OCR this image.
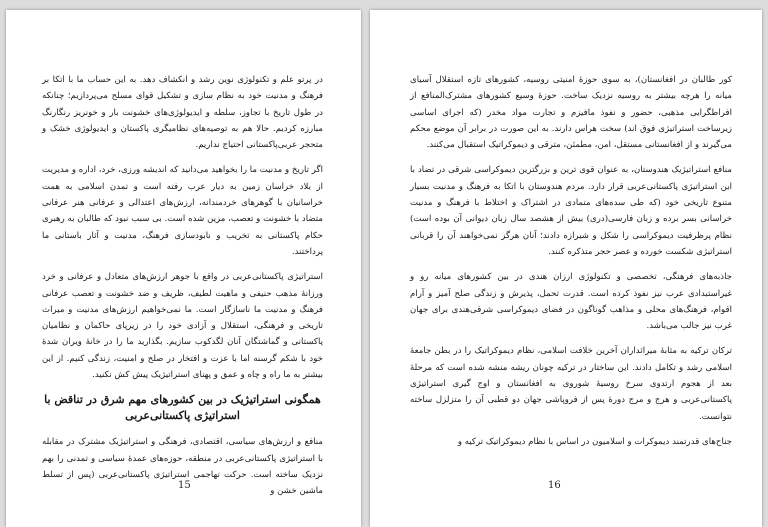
در پرتو علم و تکنولوژی نوین رشد و انکشاف دهد. به این حساب ما با اتکا بر فرهنگ و مدنیت خود به نظام سازی و تشکیل قوای مسلح می‌پردازیم؛ چنانکه در طول تاریخ با تجاوز، سلطه و ایدیولوژی‌های خشونت بار و خونریز رنگارنگ مبارزه کردیم. حالا هم به توصیه‌های نظامیگری پاکستان و ایدیولوژی خشک و متحجر عربی‌پاکستانی احتیاج نداریم.

اگر تاریخ و مدنیت ما را بخواهید می‌دانید که اندیشه ورزی، خرد، اداره و مدیریت از بلاد خراسان زمین به دیار عرب رفته است و تمدن اسلامی به همت خراسانیان با گوهرهای خردمندانه، ارزش‌های اعتدالی و عرفانی هنر عرفانی متضاد با خشونت و تعصب، مزین شده است. بی سبب نبود که طالبان به رهبری حکام پاکستانی به تخریب و نابودسازی فرهنگ، مدنیت و آثار باستانی ما پرداختند.

استراتیژی پاکستانی‌عربی در واقع با جوهر ارزش‌های متعادل و عرفانی و خرد ورزانهٔ مذهب حنیفی و ماهیت لطیف، ظریف و ضد خشونت و تعصب عرفانی فرهنگ و مدنیت ما ناسازگار است. ما نمی‌خواهیم ارزش‌های مدنیت و میراث تاریخی و فرهنگی، استقلال و آزادی خود را در زیرپای حاکمان و نظامیان پاکستانی و گماشتگان آنان لگدکوب سازیم. بگذارید ما را در خانهٔ ویران شدهٔ خود با شکم گرسنه اما با عزت و افتخار در صلح و امنیت، زندگی کنیم. از این بیشتر به ما راه و چاه و عمق و پهنای استراتیژیک پیش کش نکنید.

همگونی استراتیژیک در بین کشورهای مهم شرق در تناقض با استراتیژی پاکستانی‌عربی

منافع و ارزش‌های سیاسی، اقتصادی، فرهنگی و استراتیژیک مشترک در مقابله با استراتیژی پاکستانی‌عربی در منطقه، حوزه‌های عمدهٔ سیاسی و تمدنی را بهم نزدیک ساخته است. حرکت تهاجمی استراتیژی پاکستانی‌عربی (پس از تسلط ماشین خشن و

15

کور طالبان در افغانستان)، به سوی حوزهٔ امنیتی روسیه، کشورهای تازه استقلال آسیای میانه را هرچه بیشتر به روسیه نزدیک ساخت. حوزهٔ وسیع کشورهای مشترک‌المنافع از افراطگرایی مذهبی، حضور و نفوذ مافیزم و تجارت مواد مخدر (که اجرای اساسی زیرساخت استراتیژی فوق اند) سخت هراس دارند. به این صورت در برابر آن موضع محکم می‌گیرند و از افغانستانی مستقل، امن، مطمئن، مترقی و دیموکراتیک استقبال می‌کنند.

منافع استراتیژیک هندوستان، به عنوان قوی ترین و بزرگترین دیموکراسی شرقی در تضاد با این استراتیژی پاکستانی‌عربی قرار دارد. مردم هندوستان با اتکا به فرهنگ و مدنیت بسیار متنوع تاریخی خود (که طی سده‌های متمادی در اشتراک و اختلاط با فرهنگ و مدنیت خراسانی بسر برده و زبان فارسی(دری) بیش از هشصد سال زبان دیوانی آن بوده است) نظام پرظرفیت دیموکراسی را شکل و شیرازه دادند؛ آنان هرگز نمی‌خواهند آن را قربانی استراتیژی شکست خورده و عصر حجر متذکره کنند.

جاذبه‌های فرهنگی، تخصصی و تکنولوژی ارزان هندی در بین کشورهای میانه رو و غیراستبدادی عرب نیز نفوذ کرده است. قدرت تحمل، پذیرش و زندگی صلح آمیز و آرام اقوام، فرهنگ‌های محلی و مذاهب گوناگون در فضای دیموکراسی شرقی‌هندی برای جهان غرب نیز جالب می‌باشد.

ترکان ترکیه به مثابهٔ میراثداران آخرین خلافت اسلامی، نظام دیموکراتیک را در بطن جامعهٔ اسلامی رشد و تکامل دادند. این ساختار در ترکیه چونان ریشه منشه شده است که مرحلهٔ بعد از هجوم ارتدوی سرخ روسیهٔ شوروی به افغانستان و اوج گیری استراتیژی پاکستانی‌عربی و هرج و مرج دورهٔ پس از فروپاشی جهان دو قطبی آن را متزلزل ساخته نتوانست.

جناح‌های قدرتمند دیموکرات و اسلامیون در اساس با نظام دیموکراتیک ترکیه و

16
